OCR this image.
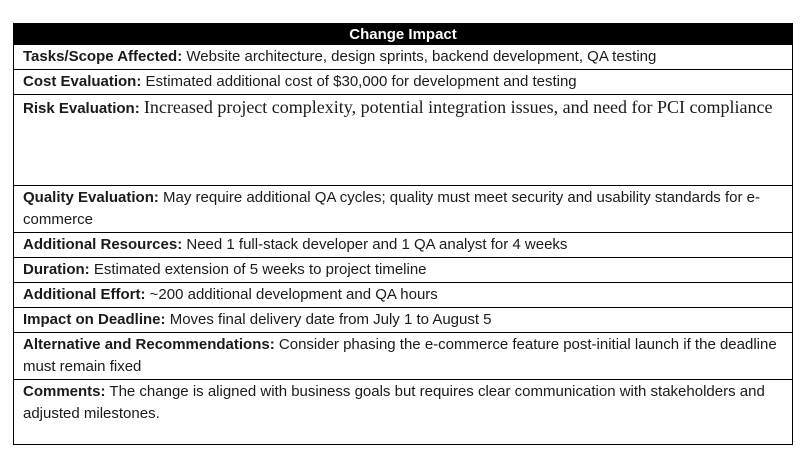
Change Impact
Tasks/Scope Affected: Website architecture, design sprints, backend development, QA testing
Cost Evaluation: Estimated additional cost of $30,000 for development and testing
Risk Evaluation: Increased project complexity, potential integration issues, and need for PCI compliance
Quality Evaluation: May require additional QA cycles; quality must meet security and usability standards for e-commerce
Additional Resources: Need 1 full-stack developer and 1 QA analyst for 4 weeks
Duration: Estimated extension of 5 weeks to project timeline
Additional Effort: ~200 additional development and QA hours
Impact on Deadline: Moves final delivery date from July 1 to August 5
Alternative and Recommendations: Consider phasing the e-commerce feature post-initial launch if the deadline must remain fixed
Comments: The change is aligned with business goals but requires clear communication with stakeholders and adjusted milestones.
